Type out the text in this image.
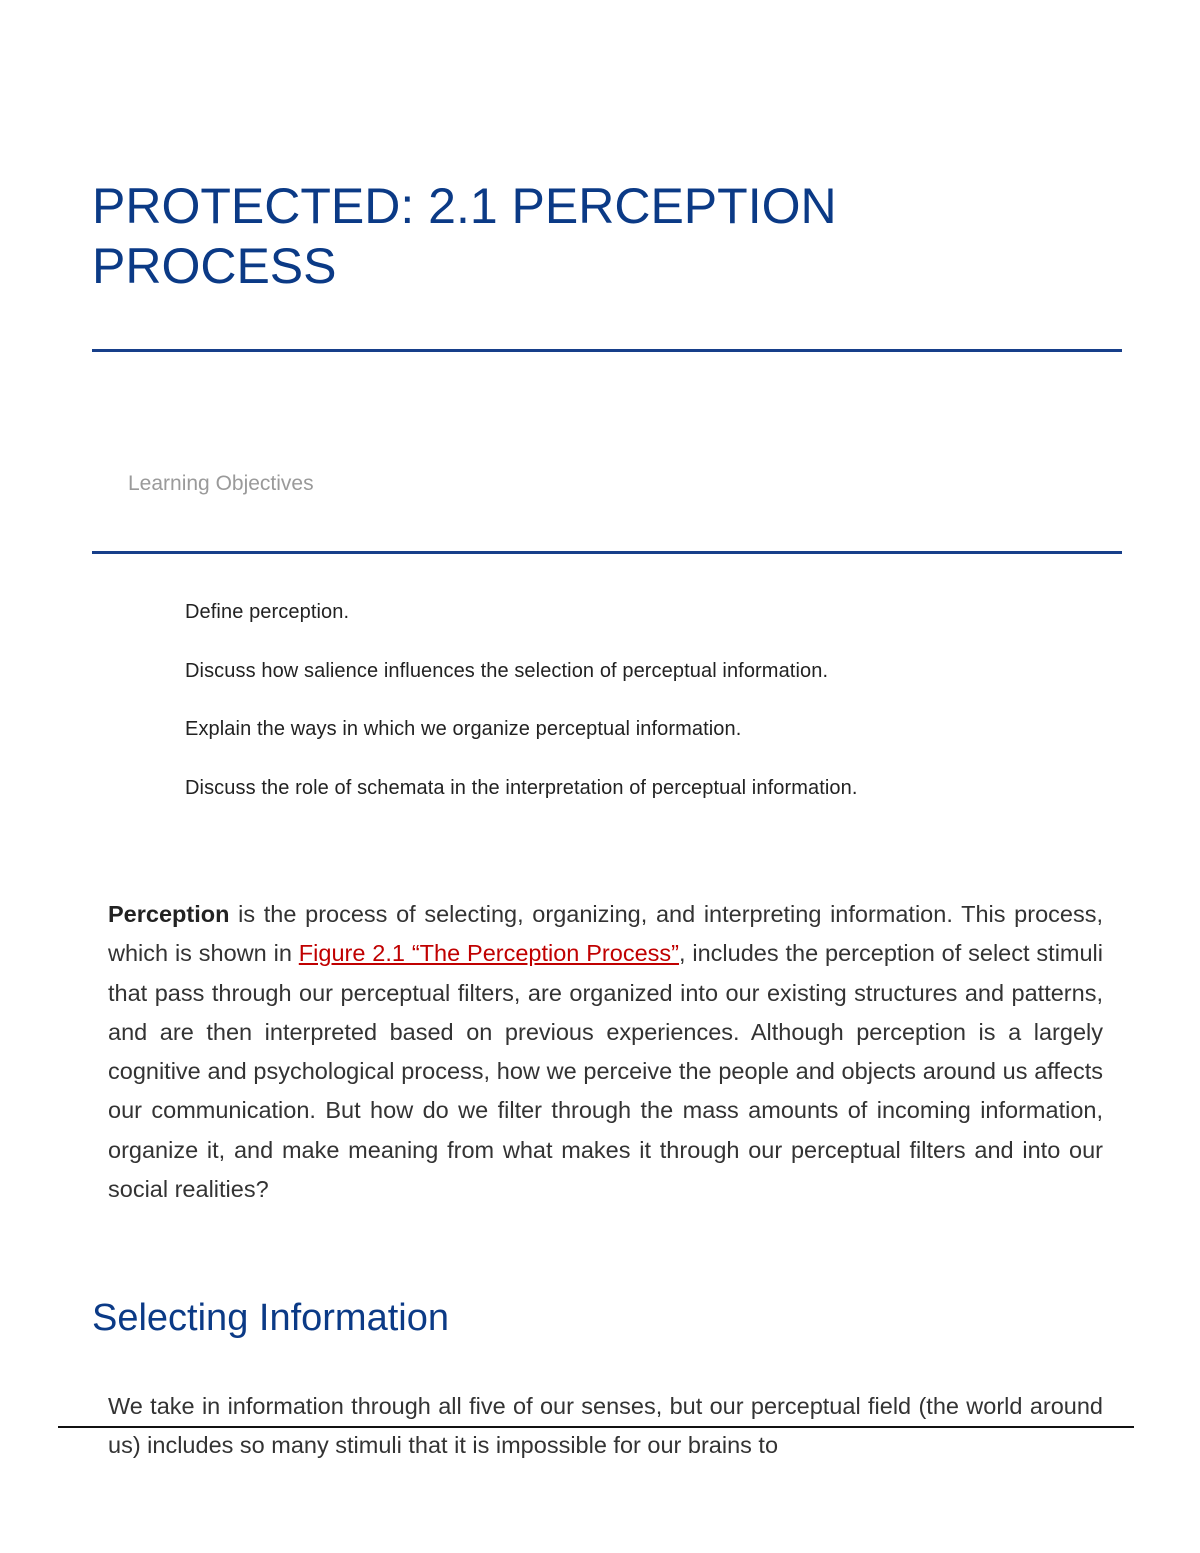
PROTECTED: 2.1 PERCEPTION PROCESS

Learning Objectives

Define perception.
Discuss how salience influences the selection of perceptual information.
Explain the ways in which we organize perceptual information.
Discuss the role of schemata in the interpretation of perceptual information.

Perception is the process of selecting, organizing, and interpreting information. This process, which is shown in Figure 2.1 “The Perception Process”, includes the perception of select stimuli that pass through our perceptual filters, are organized into our existing structures and patterns, and are then interpreted based on previous experiences. Although perception is a largely cognitive and psychological process, how we perceive the people and objects around us affects our communication. But how do we filter through the mass amounts of incoming information, organize it, and make meaning from what makes it through our perceptual filters and into our social realities?

Selecting Information

We take in information through all five of our senses, but our perceptual field (the world around us) includes so many stimuli that it is impossible for our brains to
